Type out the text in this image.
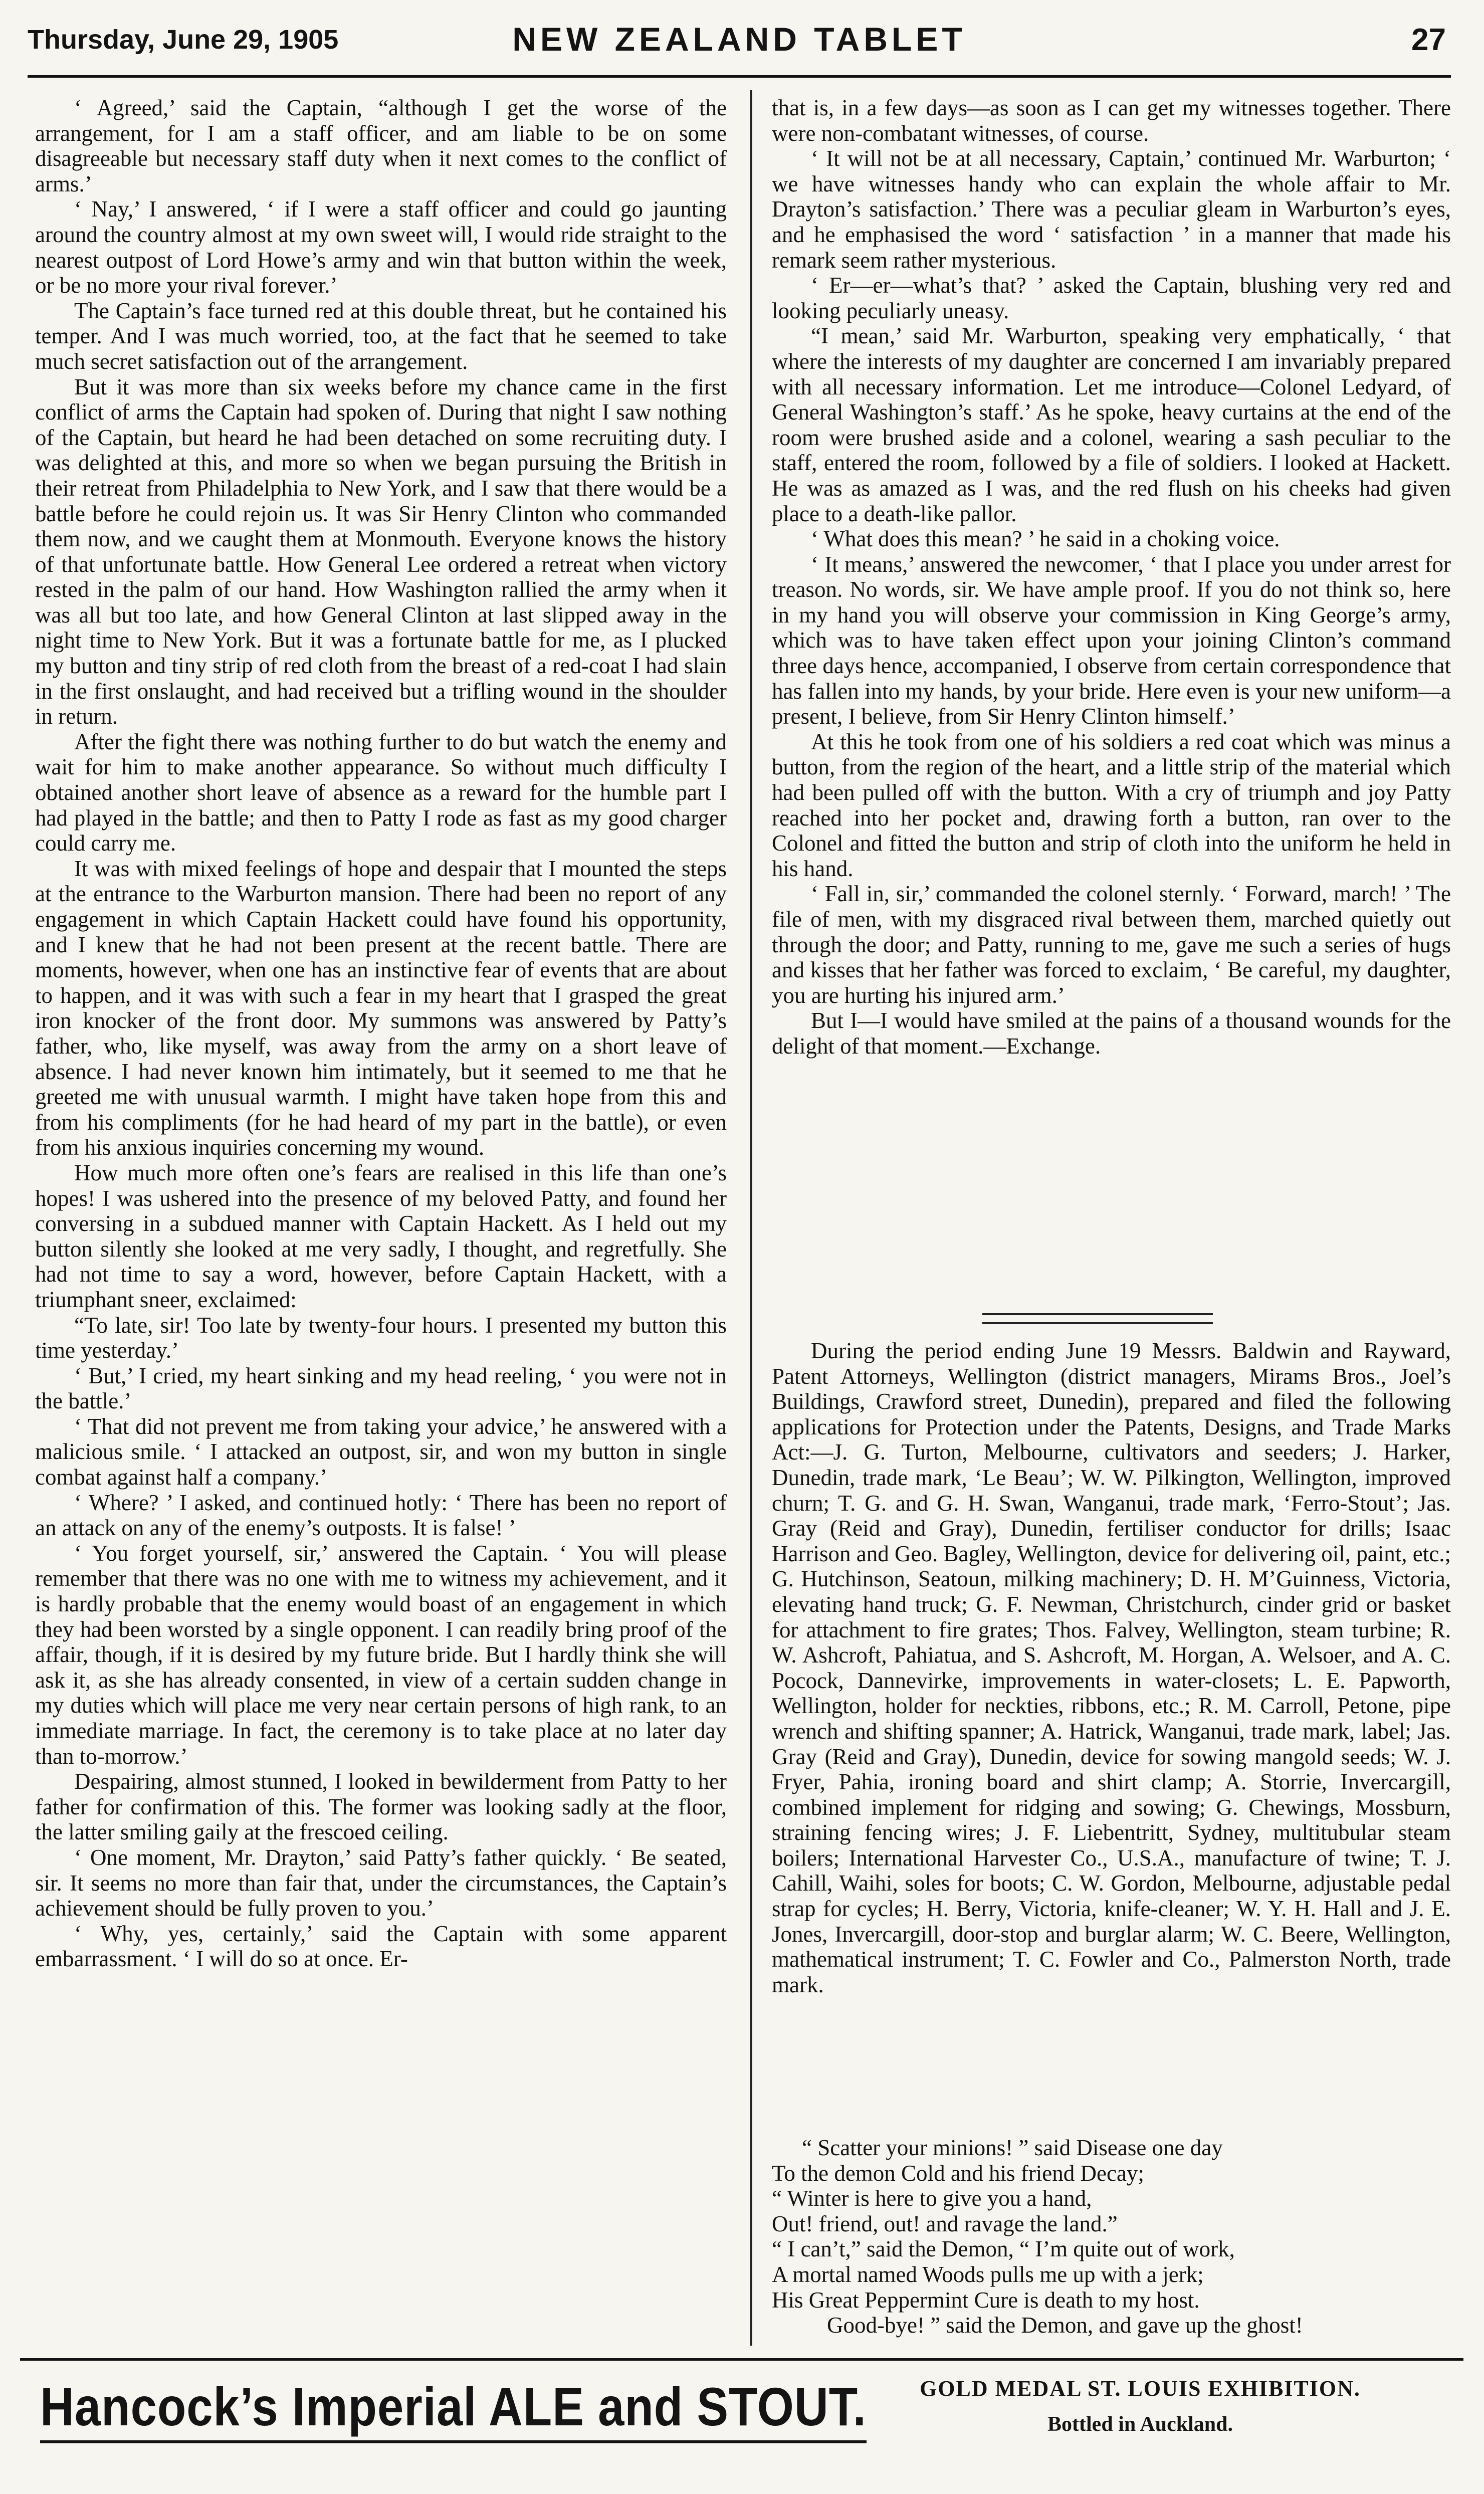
Thursday, June 29, 1905	NEW ZEALAND TABLET	27

‘ Agreed,’ said the Captain, “although I get the worse of the arrangement, for I am a staff officer, and am liable to be on some disagreeable but necessary staff duty when it next comes to the conflict of arms.’

‘ Nay,’ I answered, ‘ if I were a staff officer and could go jaunting around the country almost at my own sweet will, I would ride straight to the nearest outpost of Lord Howe’s army and win that button within the week, or be no more your rival forever.’

The Captain’s face turned red at this double threat, but he contained his temper. And I was much worried, too, at the fact that he seemed to take much secret satisfaction out of the arrangement.

But it was more than six weeks before my chance came in the first conflict of arms the Captain had spoken of. During that night I saw nothing of the Captain, but heard he had been detached on some recruiting duty. I was delighted at this, and more so when we began pursuing the British in their retreat from Philadelphia to New York, and I saw that there would be a battle before he could rejoin us. It was Sir Henry Clinton who commanded them now, and we caught them at Monmouth. Everyone knows the history of that unfortunate battle. How General Lee ordered a retreat when victory rested in the palm of our hand. How Washington rallied the army when it was all but too late, and how General Clinton at last slipped away in the night time to New York. But it was a fortunate battle for me, as I plucked my button and tiny strip of red cloth from the breast of a red-coat I had slain in the first onslaught, and had received but a trifling wound in the shoulder in return.

After the fight there was nothing further to do but watch the enemy and wait for him to make another appearance. So without much difficulty I obtained another short leave of absence as a reward for the humble part I had played in the battle; and then to Patty I rode as fast as my good charger could carry me.

It was with mixed feelings of hope and despair that I mounted the steps at the entrance to the Warburton mansion. There had been no report of any engagement in which Captain Hackett could have found his opportunity, and I knew that he had not been present at the recent battle. There are moments, however, when one has an instinctive fear of events that are about to happen, and it was with such a fear in my heart that I grasped the great iron knocker of the front door. My summons was answered by Patty’s father, who, like myself, was away from the army on a short leave of absence. I had never known him intimately, but it seemed to me that he greeted me with unusual warmth. I might have taken hope from this and from his compliments (for he had heard of my part in the battle), or even from his anxious inquiries concerning my wound.

How much more often one’s fears are realised in this life than one’s hopes! I was ushered into the presence of my beloved Patty, and found her conversing in a subdued manner with Captain Hackett. As I held out my button silently she looked at me very sadly, I thought, and regretfully. She had not time to say a word, however, before Captain Hackett, with a triumphant sneer, exclaimed:

“To late, sir! Too late by twenty-four hours. I presented my button this time yesterday.’

‘ But,’ I cried, my heart sinking and my head reeling, ‘ you were not in the battle.’

‘ That did not prevent me from taking your advice,’ he answered with a malicious smile. ‘ I attacked an outpost, sir, and won my button in single combat against half a company.’

‘ Where? ’ I asked, and continued hotly: ‘ There has been no report of an attack on any of the enemy’s outposts. It is false! ’

‘ You forget yourself, sir,’ answered the Captain. ‘ You will please remember that there was no one with me to witness my achievement, and it is hardly probable that the enemy would boast of an engagement in which they had been worsted by a single opponent. I can readily bring proof of the affair, though, if it is desired by my future bride. But I hardly think she will ask it, as she has already consented, in view of a certain sudden change in my duties which will place me very near certain persons of high rank, to an immediate marriage. In fact, the ceremony is to take place at no later day than to-morrow.’

Despairing, almost stunned, I looked in bewilderment from Patty to her father for confirmation of this. The former was looking sadly at the floor, the latter smiling gaily at the frescoed ceiling.

‘ One moment, Mr. Drayton,’ said Patty’s father quickly. ‘ Be seated, sir. It seems no more than fair that, under the circumstances, the Captain’s achievement should be fully proven to you.’

‘ Why, yes, certainly,’ said the Captain with some apparent embarrassment. ‘ I will do so at once. Er-

that is, in a few days—as soon as I can get my witnesses together. There were non-combatant witnesses, of course.

‘ It will not be at all necessary, Captain,’ continued Mr. Warburton; ‘ we have witnesses handy who can explain the whole affair to Mr. Drayton’s satisfaction.’ There was a peculiar gleam in Warburton’s eyes, and he emphasised the word ‘ satisfaction ’ in a manner that made his remark seem rather mysterious.

‘ Er—er—what’s that? ’ asked the Captain, blushing very red and looking peculiarly uneasy.

“I mean,’ said Mr. Warburton, speaking very emphatically, ‘ that where the interests of my daughter are concerned I am invariably prepared with all necessary information. Let me introduce—Colonel Ledyard, of General Washington’s staff.’ As he spoke, heavy curtains at the end of the room were brushed aside and a colonel, wearing a sash peculiar to the staff, entered the room, followed by a file of soldiers. I looked at Hackett. He was as amazed as I was, and the red flush on his cheeks had given place to a death-like pallor.

‘ What does this mean? ’ he said in a choking voice.

‘ It means,’ answered the newcomer, ‘ that I place you under arrest for treason. No words, sir. We have ample proof. If you do not think so, here in my hand you will observe your commission in King George’s army, which was to have taken effect upon your joining Clinton’s command three days hence, accompanied, I observe from certain correspondence that has fallen into my hands, by your bride. Here even is your new uniform—a present, I believe, from Sir Henry Clinton himself.’

At this he took from one of his soldiers a red coat which was minus a button, from the region of the heart, and a little strip of the material which had been pulled off with the button. With a cry of triumph and joy Patty reached into her pocket and, drawing forth a button, ran over to the Colonel and fitted the button and strip of cloth into the uniform he held in his hand.

‘ Fall in, sir,’ commanded the colonel sternly. ‘ Forward, march! ’ The file of men, with my disgraced rival between them, marched quietly out through the door; and Patty, running to me, gave me such a series of hugs and kisses that her father was forced to exclaim, ‘ Be careful, my daughter, you are hurting his injured arm.’

But I—I would have smiled at the pains of a thousand wounds for the delight of that moment.—Exchange.

During the period ending June 19 Messrs. Baldwin and Rayward, Patent Attorneys, Wellington (district managers, Mirams Bros., Joel’s Buildings, Crawford street, Dunedin), prepared and filed the following applications for Protection under the Patents, Designs, and Trade Marks Act:—J. G. Turton, Melbourne, cultivators and seeders; J. Harker, Dunedin, trade mark, ‘Le Beau’; W. W. Pilkington, Wellington, improved churn; T. G. and G. H. Swan, Wanganui, trade mark, ‘Ferro-Stout’; Jas. Gray (Reid and Gray), Dunedin, fertiliser conductor for drills; Isaac Harrison and Geo. Bagley, Wellington, device for delivering oil, paint, etc.; G. Hutchinson, Seatoun, milking machinery; D. H. M’Guinness, Victoria, elevating hand truck; G. F. Newman, Christchurch, cinder grid or basket for attachment to fire grates; Thos. Falvey, Wellington, steam turbine; R. W. Ashcroft, Pahiatua, and S. Ashcroft, M. Horgan, A. Welsoer, and A. C. Pocock, Dannevirke, improvements in water-closets; L. E. Papworth, Wellington, holder for neckties, ribbons, etc.; R. M. Carroll, Petone, pipe wrench and shifting spanner; A. Hatrick, Wanganui, trade mark, label; Jas. Gray (Reid and Gray), Dunedin, device for sowing mangold seeds; W. J. Fryer, Pahia, ironing board and shirt clamp; A. Storrie, Invercargill, combined implement for ridging and sowing; G. Chewings, Mossburn, straining fencing wires; J. F. Liebentritt, Sydney, multitubular steam boilers; International Harvester Co., U.S.A., manufacture of twine; T. J. Cahill, Waihi, soles for boots; C. W. Gordon, Melbourne, adjustable pedal strap for cycles; H. Berry, Victoria, knife-cleaner; W. Y. H. Hall and J. E. Jones, Invercargill, door-stop and burglar alarm; W. C. Beere, Wellington, mathematical instrument; T. C. Fowler and Co., Palmerston North, trade mark.

“ Scatter your minions! ” said Disease one day

To the demon Cold and his friend Decay;

“ Winter is here to give you a hand,

Out! friend, out! and ravage the land.”

“ I can’t,” said the Demon, “ I’m quite out of work,

A mortal named Woods pulls me up with a jerk;

His Great Peppermint Cure is death to my host.

Good-bye! ” said the Demon, and gave up the ghost!

Hancock’s Imperial ALE and STOUT.	GOLD MEDAL ST. LOUIS EXHIBITION.
Bottled in Auckland.
